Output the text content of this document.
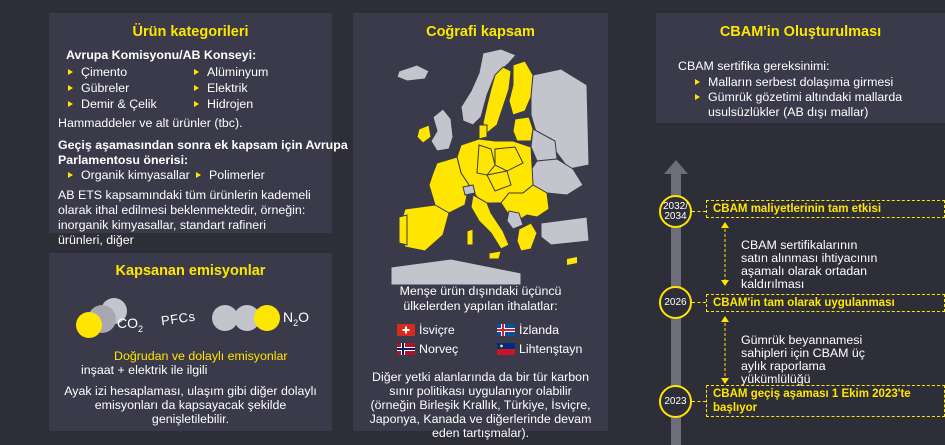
Ürün kategorileri
Avrupa Komisyonu/AB Konseyi:
Çimento
Gübreler
Demir & Çelik
Alüminyum
Elektrik
Hidrojen
Hammaddeler ve alt ürünler (tbc).
Geçiş aşamasından sonra ek kapsam için Avrupa
Parlamentosu önerisi:
Organik kimyasallar Polimerler
AB ETS kapsamındaki tüm ürünlerin kademeli
olarak ithal edilmesi beklenmektedir, örneğin:
inorganik kimyasallar, standart rafineri
ürünleri, diğer
Kapsanan emisyonlar
$CO_2$
PFCs	$N_2O$
Doğrudan ve dolaylı emisyonlar
inşaat + elektrik ile ilgili
Ayak izi hesaplaması, ulaşım gibi diğer dolaylı
emisyonları da kapsayacak şekilde
genişletilebilir.
Coğrafi kapsam
Menşe ürün dışındaki üçüncü
ülkelerden yapılan ithalatlar:
İsviçre	İzlanda
Norveç	Lihtenştayn
Diğer yetki alanlarında da bir tür karbon
sınır politikası uygulanıyor olabilir
(örneğin Birleşik Krallık, Türkiye, İsviçre,
Japonya, Kanada ve diğerlerinde devam
eden tartışmalar).
CBAM'in Oluşturulması
CBAM sertifika gereksinimi:
Malların serbest dolaşıma girmesi
Gümrük gözetimi altındaki mallarda
usulsüzlükler (AB dışı mallar)
2032/
2034
CBAM maliyetlerinin tam etkisi
CBAM sertifikalarının
satın alınması ihtiyacının
aşamalı olarak ortadan
kaldırılması
2026	CBAM'in tam olarak uygulanması
Gümrük beyannamesi
sahipleri için CBAM üç
aylık raporlama
yükümlülüğü
2023
CBAM geçiş aşaması 1 Ekim 2023'te
başlıyor
